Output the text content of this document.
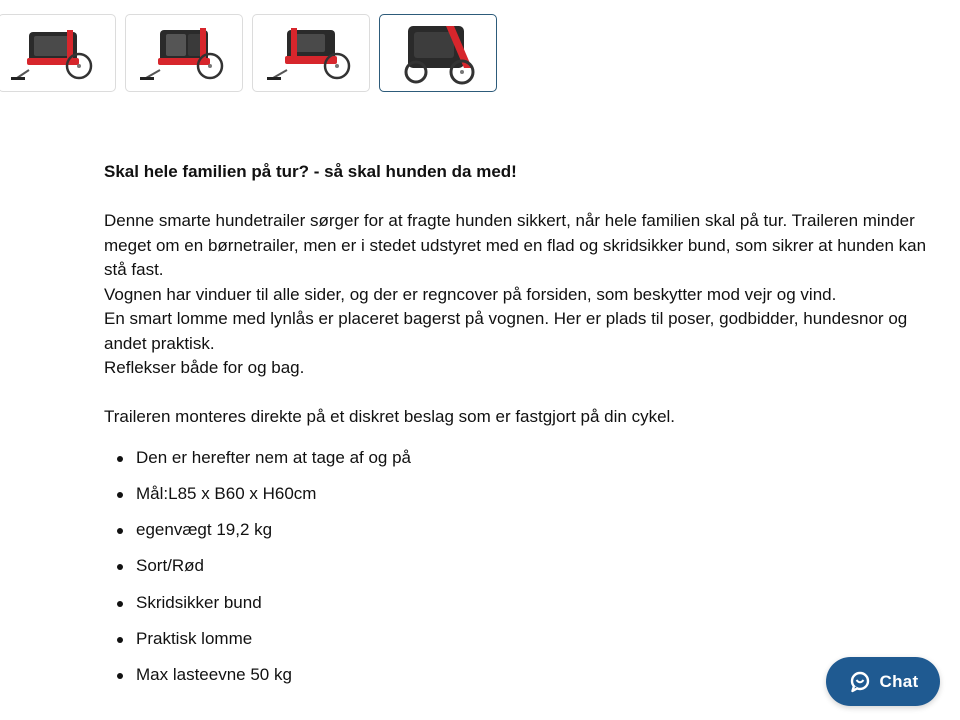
Skal hele familien på tur? - så skal hunden da med!

Denne smarte hundetrailer sørger for at fragte hunden sikkert, når hele familien skal på tur. Traileren minder meget om en børnetrailer, men er i stedet udstyret med en flad og skridsikker bund, som sikrer at hunden kan stå fast.

Vognen har vinduer til alle sider, og der er regncover på forsiden, som beskytter mod vejr og vind.

En smart lomme med lynlås er placeret bagerst på vognen. Her er plads til poser, godbidder, hundesnor og andet praktisk.

Reflekser både for og bag.

Traileren monteres direkte på et diskret beslag som er fastgjort på din cykel.

Den er herefter nem at tage af og på
Mål:L85 x B60 x H60cm
egenvægt 19,2 kg
Sort/Rød
Skridsikker bund
Praktisk lomme
Max lasteevne 50 kg	Chat
